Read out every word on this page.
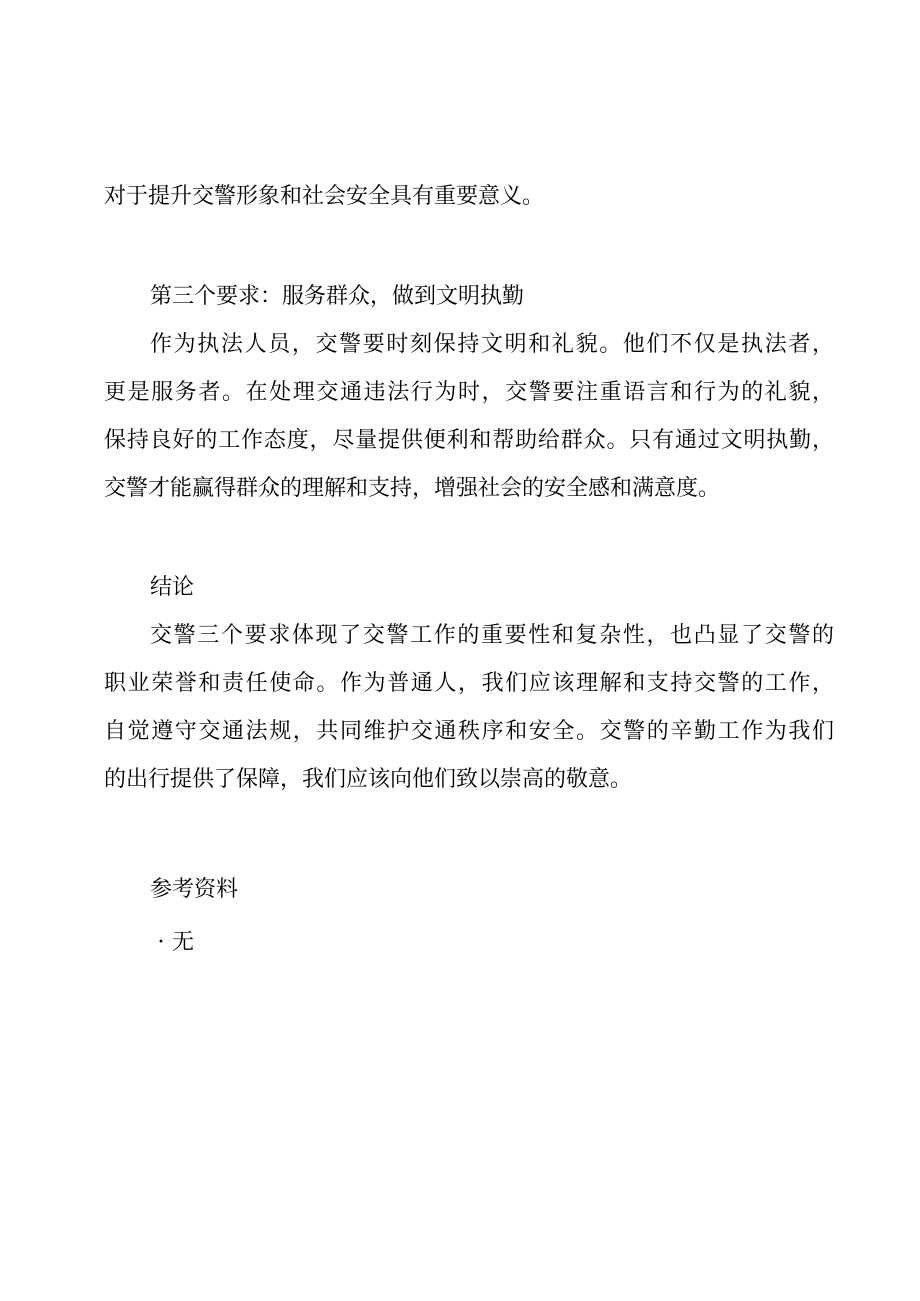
对于提升交警形象和社会安全具有重要意义。
第三个要求：服务群众，做到文明执勤
作为执法人员，交警要时刻保持文明和礼貌。他们不仅是执法者，
更是服务者。在处理交通违法行为时，交警要注重语言和行为的礼貌，
保持良好的工作态度，尽量提供便利和帮助给群众。只有通过文明执勤，
交警才能赢得群众的理解和支持，增强社会的安全感和满意度。
结论
交警三个要求体现了交警工作的重要性和复杂性，也凸显了交警的
职业荣誉和责任使命。作为普通人，我们应该理解和支持交警的工作，
自觉遵守交通法规，共同维护交通秩序和安全。交警的辛勤工作为我们
的出行提供了保障，我们应该向他们致以崇高的敬意。
参考资料
· 无
